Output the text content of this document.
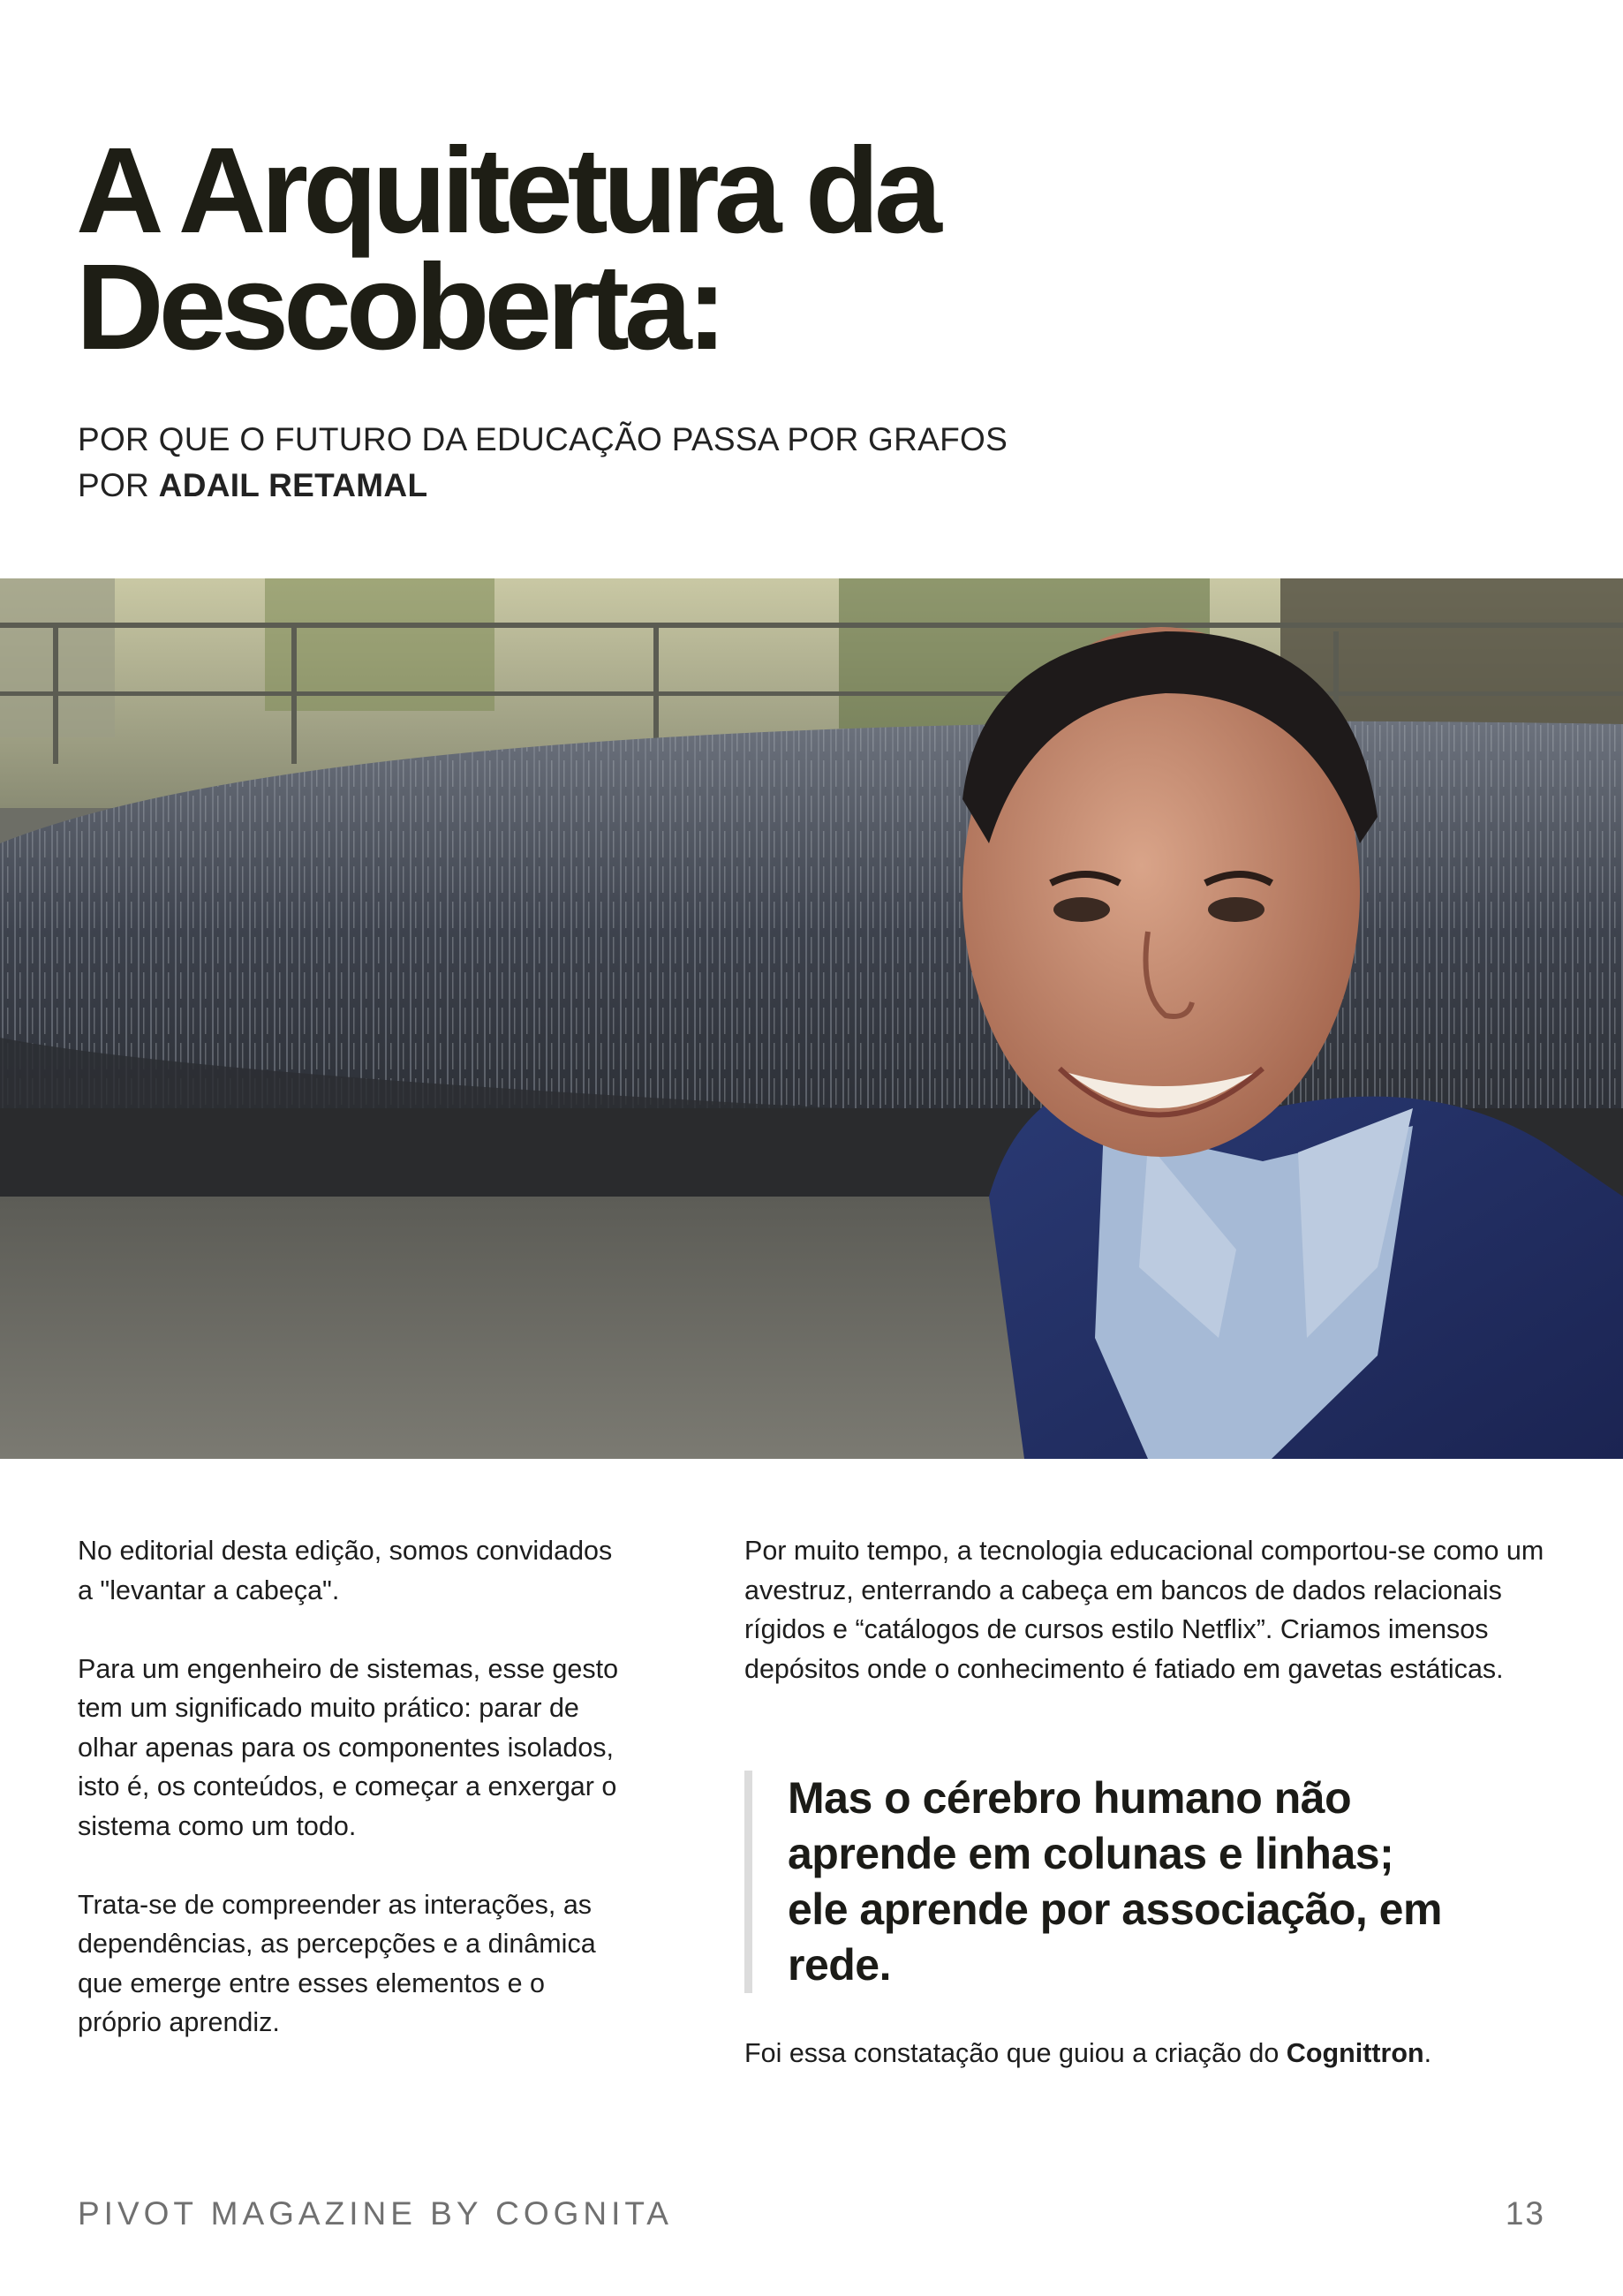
A Arquitetura da
Descoberta:
POR QUE O FUTURO DA EDUCAÇÃO PASSA POR GRAFOS
POR ADAIL RETAMAL

No editorial desta edição, somos convidados a "levantar a cabeça".

Para um engenheiro de sistemas, esse gesto tem um significado muito prático: parar de olhar apenas para os componentes isolados, isto é, os conteúdos, e começar a enxergar o sistema como um todo.

Trata-se de compreender as interações, as dependências, as percepções e a dinâmica que emerge entre esses elementos e o próprio aprendiz.

Por muito tempo, a tecnologia educacional comportou-se como um avestruz, enterrando a cabeça em bancos de dados relacionais rígidos e “catálogos de cursos estilo Netflix”. Criamos imensos depósitos onde o conhecimento é fatiado em gavetas estáticas.

Mas o cérebro humano não aprende em colunas e linhas; ele aprende por associação, em rede.
Foi essa constatação que guiou a criação do Cognittron.
PIVOT MAGAZINE BY COGNITA	13
